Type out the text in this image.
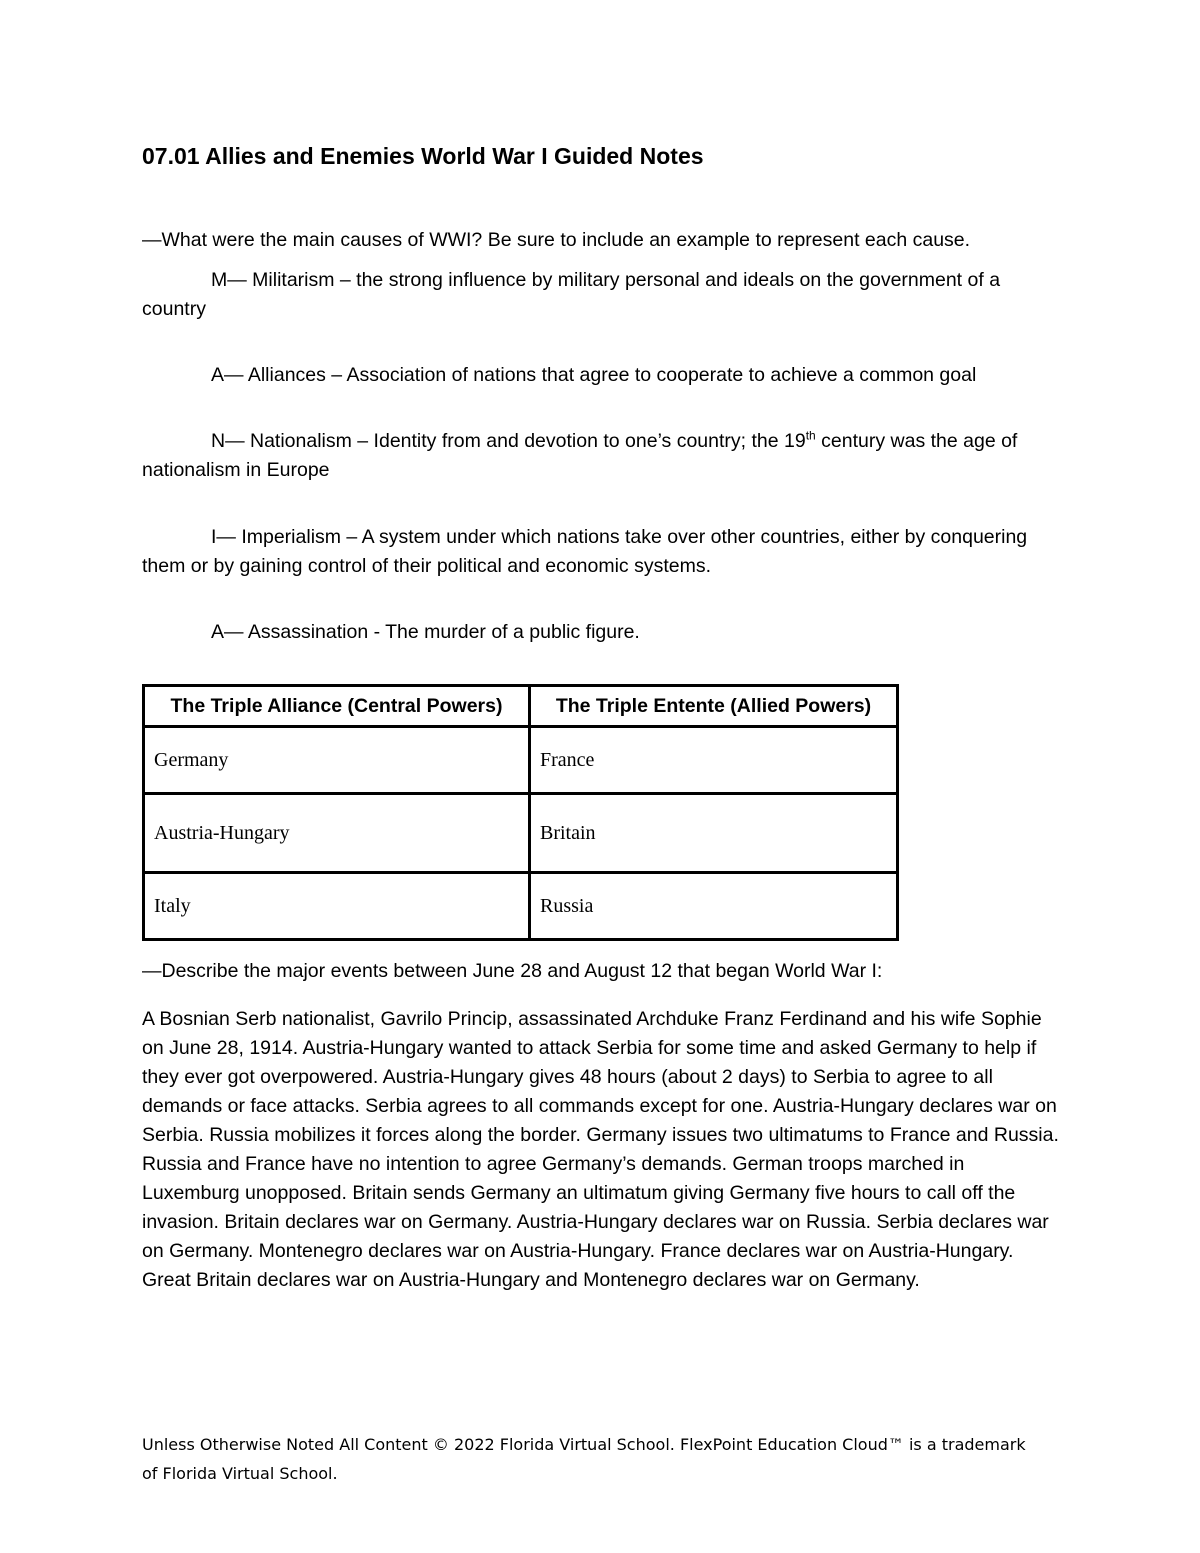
07.01 Allies and Enemies World War I Guided Notes

—What were the main causes of WWI? Be sure to include an example to represent each cause.

M— Militarism – the strong influence by military personal and ideals on the government of a country

A— Alliances – Association of nations that agree to cooperate to achieve a common goal

N— Nationalism – Identity from and devotion to one’s country; the 19th century was the age of nationalism in Europe

I— Imperialism – A system under which nations take over other countries, either by conquering them or by gaining control of their political and economic systems.

A— Assassination - The murder of a public figure.

The Triple Alliance (Central Powers)	The Triple Entente (Allied Powers)
Germany	France
Austria-Hungary	Britain
Italy	Russia

—Describe the major events between June 28 and August 12 that began World War I:

A Bosnian Serb nationalist, Gavrilo Princip, assassinated Archduke Franz Ferdinand and his wife Sophie on June 28, 1914. Austria-Hungary wanted to attack Serbia for some time and asked Germany to help if they ever got overpowered. Austria-Hungary gives 48 hours (about 2 days) to Serbia to agree to all demands or face attacks. Serbia agrees to all commands except for one. Austria-Hungary declares war on Serbia. Russia mobilizes it forces along the border. Germany issues two ultimatums to France and Russia. Russia and France have no intention to agree Germany’s demands. German troops marched in Luxemburg unopposed. Britain sends Germany an ultimatum giving Germany five hours to call off the invasion. Britain declares war on Germany. Austria-Hungary declares war on Russia. Serbia declares war on Germany. Montenegro declares war on Austria-Hungary. France declares war on Austria-Hungary. Great Britain declares war on Austria-Hungary and Montenegro declares war on Germany.

Unless Otherwise Noted All Content © 2022 Florida Virtual School. FlexPoint Education Cloud™ is a trademark of Florida Virtual School.
